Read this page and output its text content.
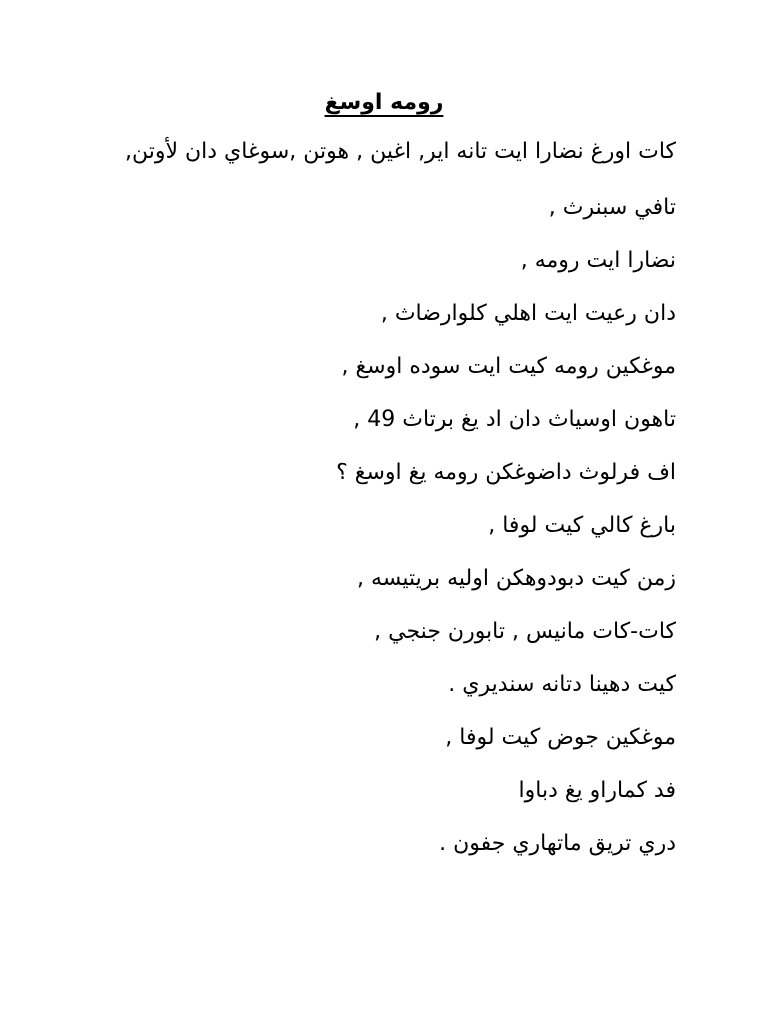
رومه اوسغ
كات اورغ نضارا ايت تانه اير, اغين , هوتن ,سوغاي دان لأوتن,
تافي سبنرث ,
نضارا ايت رومه ,
دان رعيت ايت اهلي كلوارضاث ,
موغكين رومه كيت ايت سوده اوسغ ,
تاهون اوسياث دان اد يغ برتاث 49 ,
اف فرلوث داضوغكن رومه يغ اوسغ ؟
بارغ كالي كيت لوفا ,
زمن كيت دبودوهكن اوليه بريتيسه ,
كات-كات مانيس , تابورن جنجي ,
كيت دهينا دتانه سنديري .
موغكين جوض كيت لوفا ,
فد كماراو يغ دباوا
دري تريق ماتهاري جفون .
